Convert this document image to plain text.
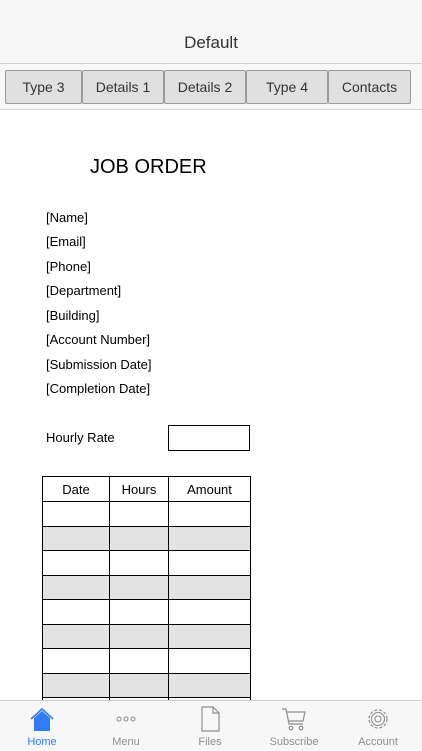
Default
Type 3	Details 1	Details 2	Type 4	Contacts
JOB ORDER
[Name]
[Email]
[Phone]
[Department]
[Building]
[Account Number]
[Submission Date]
[Completion Date]
Hourly Rate
Date	Hours	Amount

Home	Menu	Files	Subscribe	Account
